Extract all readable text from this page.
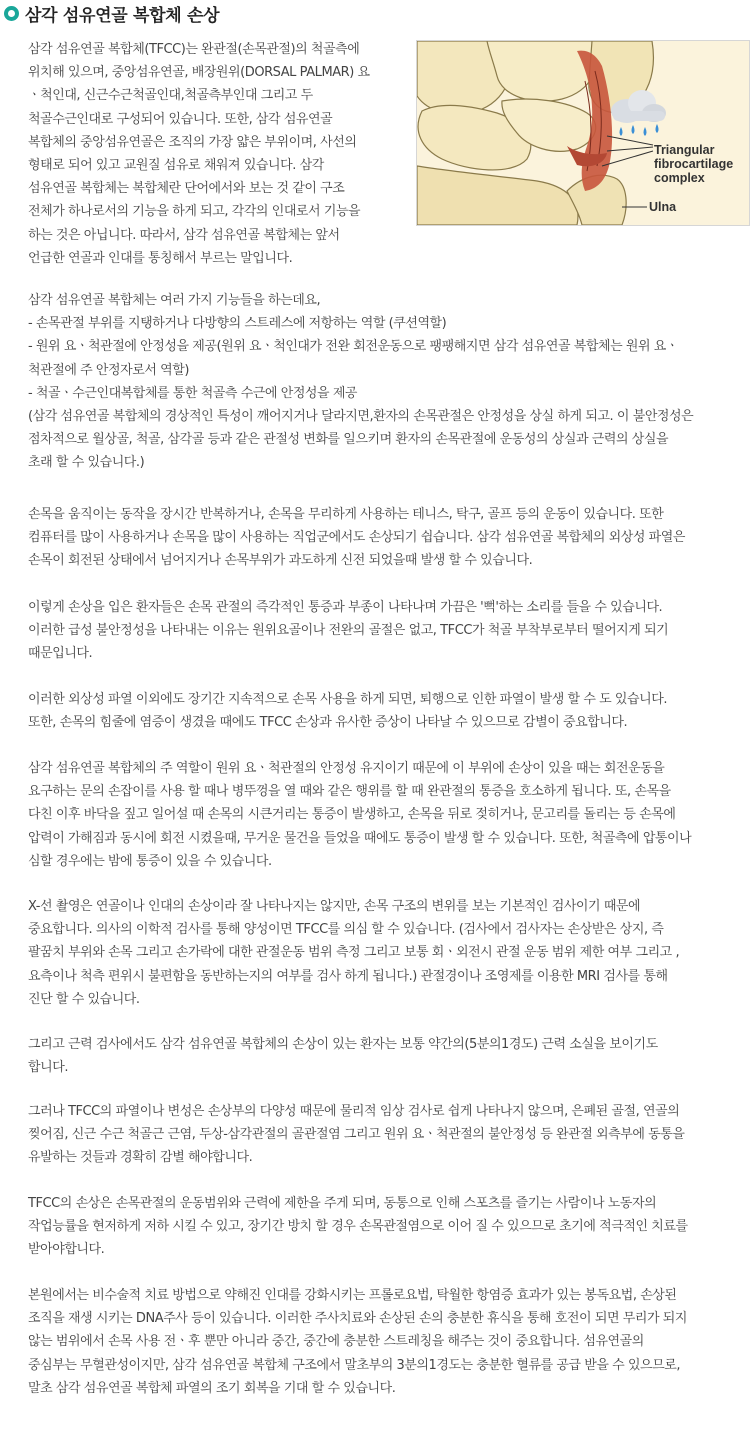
삼각 섬유연골 복합체 손상
Triangular
fibrocartilage
complex
Ulna
삼각 섬유연골 복합체(TFCC)는 완관절(손목관절)의 척골측에
위치해 있으며, 중앙섬유연골, 배장원위(DORSAL PALMAR) 요
ㆍ척인대, 신근수근척골인대,척골측부인대 그리고 두
척골수근인대로 구성되어 있습니다. 또한, 삼각 섬유연골
복합체의 중앙섬유연골은 조직의 가장 얇은 부위이며, 사선의
형태로 되어 있고 교원질 섬유로 채워져 있습니다. 삼각
섬유연골 복합체는 복합체란 단어에서와 보는 것 같이 구조
전체가 하나로서의 기능을 하게 되고, 각각의 인대로서 기능을
하는 것은 아닙니다. 따라서, 삼각 섬유연골 복합체는 앞서
언급한 연골과 인대를 통칭해서 부르는 말입니다.
삼각 섬유연골 복합체는 여러 가지 기능들을 하는데요,
- 손목관절 부위를 지탱하거나 다방향의 스트레스에 저항하는 역할 (쿠션역할)
- 원위 요ㆍ척관절에 안정성을 제공(원위 요ㆍ척인대가 전완 회전운동으로 팽팽해지면 삼각 섬유연골 복합체는 원위 요ㆍ
척관절에 주 안정자로서 역할)
- 척골ㆍ수근인대복합체를 통한 척골측 수근에 안정성을 제공
(삼각 섬유연골 복합체의 경상적인 특성이 깨어지거나 달라지면,환자의 손목관절은 안정성을 상실 하게 되고. 이 불안정성은
점차적으로 월상골, 척골, 삼각골 등과 같은 관절성 변화를 일으키며 환자의 손목관절에 운동성의 상실과 근력의 상실을
초래 할 수 있습니다.)
손목을 움직이는 동작을 장시간 반복하거나, 손목을 무리하게 사용하는 테니스, 탁구, 골프 등의 운동이 있습니다. 또한
컴퓨터를 많이 사용하거나 손목을 많이 사용하는 직업군에서도 손상되기 쉽습니다. 삼각 섬유연골 복합체의 외상성 파열은
손목이 회전된 상태에서 넘어지거나 손목부위가 과도하게 신전 되었을때 발생 할 수 있습니다.
이렇게 손상을 입은 환자들은 손목 관절의 즉각적인 통증과 부종이 나타나며 가끔은 '뻑'하는 소리를 들을 수 있습니다.
이러한 급성 불안정성을 나타내는 이유는 원위요골이나 전완의 골절은 없고, TFCC가 척골 부착부로부터 떨어지게 되기
때문입니다.
이러한 외상성 파열 이외에도 장기간 지속적으로 손목 사용을 하게 되면, 퇴행으로 인한 파열이 발생 할 수 도 있습니다.
또한, 손목의 힘줄에 염증이 생겼을 때에도 TFCC 손상과 유사한 증상이 나타날 수 있으므로 감별이 중요합니다.
삼각 섬유연골 복합체의 주 역할이 원위 요ㆍ척관절의 안정성 유지이기 때문에 이 부위에 손상이 있을 때는 회전운동을
요구하는 문의 손잡이를 사용 할 때나 병뚜껑을 열 때와 같은 행위를 할 때 완관절의 통증을 호소하게 됩니다. 또, 손목을
다친 이후 바닥을 짚고 일어설 때 손목의 시큰거리는 통증이 발생하고, 손목을 뒤로 젖히거나, 문고리를 돌리는 등 손목에
압력이 가해짐과 동시에 회전 시켰을때, 무거운 물건을 들었을 때에도 통증이 발생 할 수 있습니다. 또한, 척골측에 압통이나
심할 경우에는 밤에 통증이 있을 수 있습니다.
X-선 촬영은 연골이나 인대의 손상이라 잘 나타나지는 않지만, 손목 구조의 변위를 보는 기본적인 검사이기 때문에
중요합니다. 의사의 이학적 검사를 통해 양성이면 TFCC를 의심 할 수 있습니다. (검사에서 검사자는 손상받은 상지, 즉
팔꿈치 부위와 손목 그리고 손가락에 대한 관절운동 범위 측정 그리고 보통 회ㆍ외전시 관절 운동 범위 제한 여부 그리고 ,
요측이나 척측 편위시 불편함을 동반하는지의 여부를 검사 하게 됩니다.) 관절경이나 조영제를 이용한 MRI 검사를 통해
진단 할 수 있습니다.
그리고 근력 검사에서도 삼각 섬유연골 복합체의 손상이 있는 환자는 보통 약간의(5분의1경도) 근력 소실을 보이기도
합니다.
그러나 TFCC의 파열이나 변성은 손상부의 다양성 때문에 물리적 임상 검사로 쉽게 나타나지 않으며, 은폐된 골절, 연골의
찢어짐, 신근 수근 척골근 근염, 두상-삼각관절의 골관절염 그리고 원위 요ㆍ척관절의 불안정성 등 완관절 외측부에 동통을
유발하는 것들과 경확히 감별 해야합니다.
TFCC의 손상은 손목관절의 운동범위와 근력에 제한을 주게 되며, 동통으로 인해 스포츠를 즐기는 사람이나 노동자의
작업능률을 현저하게 저하 시킬 수 있고, 장기간 방치 할 경우 손목관절염으로 이어 질 수 있으므로 초기에 적극적인 치료를
받아야합니다.
본원에서는 비수술적 치료 방법으로 약해진 인대를 강화시키는 프롤로요법, 탁월한 항염증 효과가 있는 봉독요법, 손상된
조직을 재생 시키는 DNA주사 등이 있습니다. 이러한 주사치료와 손상된 손의 충분한 휴식을 통해 호전이 되면 무리가 되지
않는 범위에서 손목 사용 전ㆍ후 뿐만 아니라 중간, 중간에 충분한 스트레칭을 해주는 것이 중요합니다. 섬유연골의
중심부는 무혈관성이지만, 삼각 섬유연골 복합체 구조에서 말초부의 3분의1경도는 충분한 혈류를 공급 받을 수 있으므로,
말초 삼각 섬유연골 복합체 파열의 조기 회복을 기대 할 수 있습니다.
